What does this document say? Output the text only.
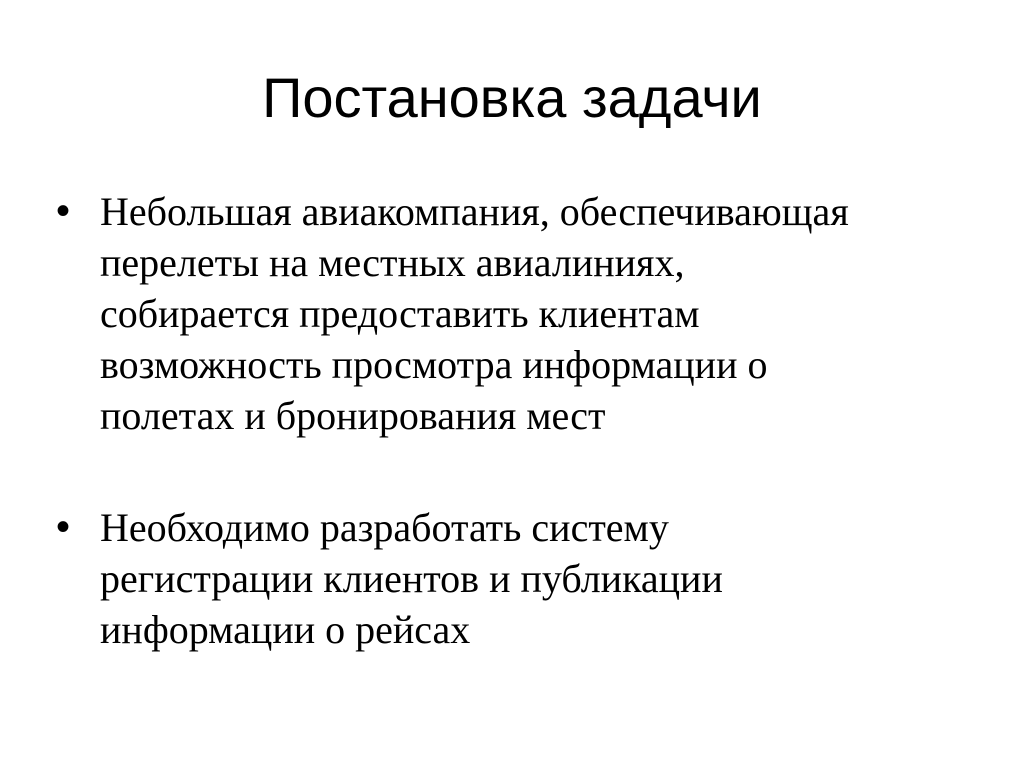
Постановка задачи
• Небольшая авиакомпания, обеспечивающая
перелеты на местных авиалиниях,
собирается предоставить клиентам
возможность просмотра информации о
полетах и бронирования мест
• Необходимо разработать систему
регистрации клиентов и публикации
информации о рейсах
